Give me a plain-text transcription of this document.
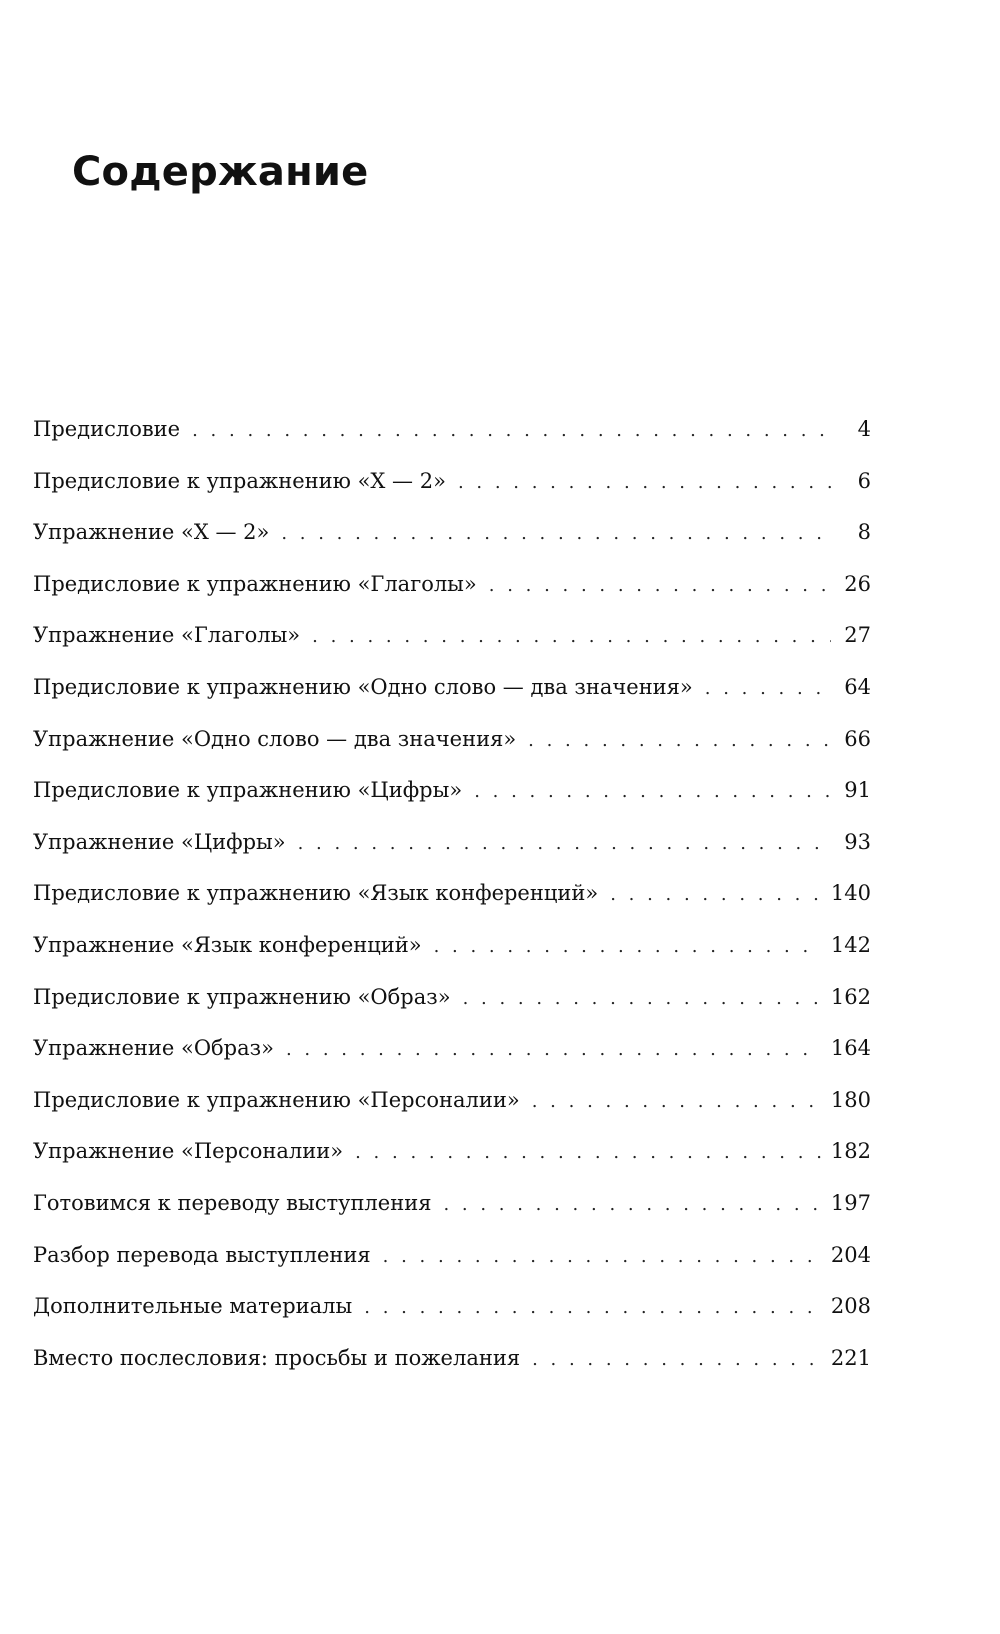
Содержание
Предисловие . . .	4
Предисловие к упражнению «Х — 2» . . .	6
Упражнение «Х — 2» . . .	8
Предисловие к упражнению «Глаголы» . . .	26
Упражнение «Глаголы» . . .	27
Предисловие к упражнению «Одно слово — два значения» . . .	64
Упражнение «Одно слово — два значения» . . .	66
Предисловие к упражнению «Цифры» . . .	91
Упражнение «Цифры» . . .	93
Предисловие к упражнению «Язык конференций» . . .	140
Упражнение «Язык конференций» . . .	142
Предисловие к упражнению «Образ» . . .	162
Упражнение «Образ» . . .	164
Предисловие к упражнению «Персоналии» . . .	180
Упражнение «Персоналии» . . .	182
Готовимся к переводу выступления . . .	197
Разбор перевода выступления . . .	204
Дополнительные материалы . . .	208
Вместо послесловия: просьбы и пожелания . . .	221
